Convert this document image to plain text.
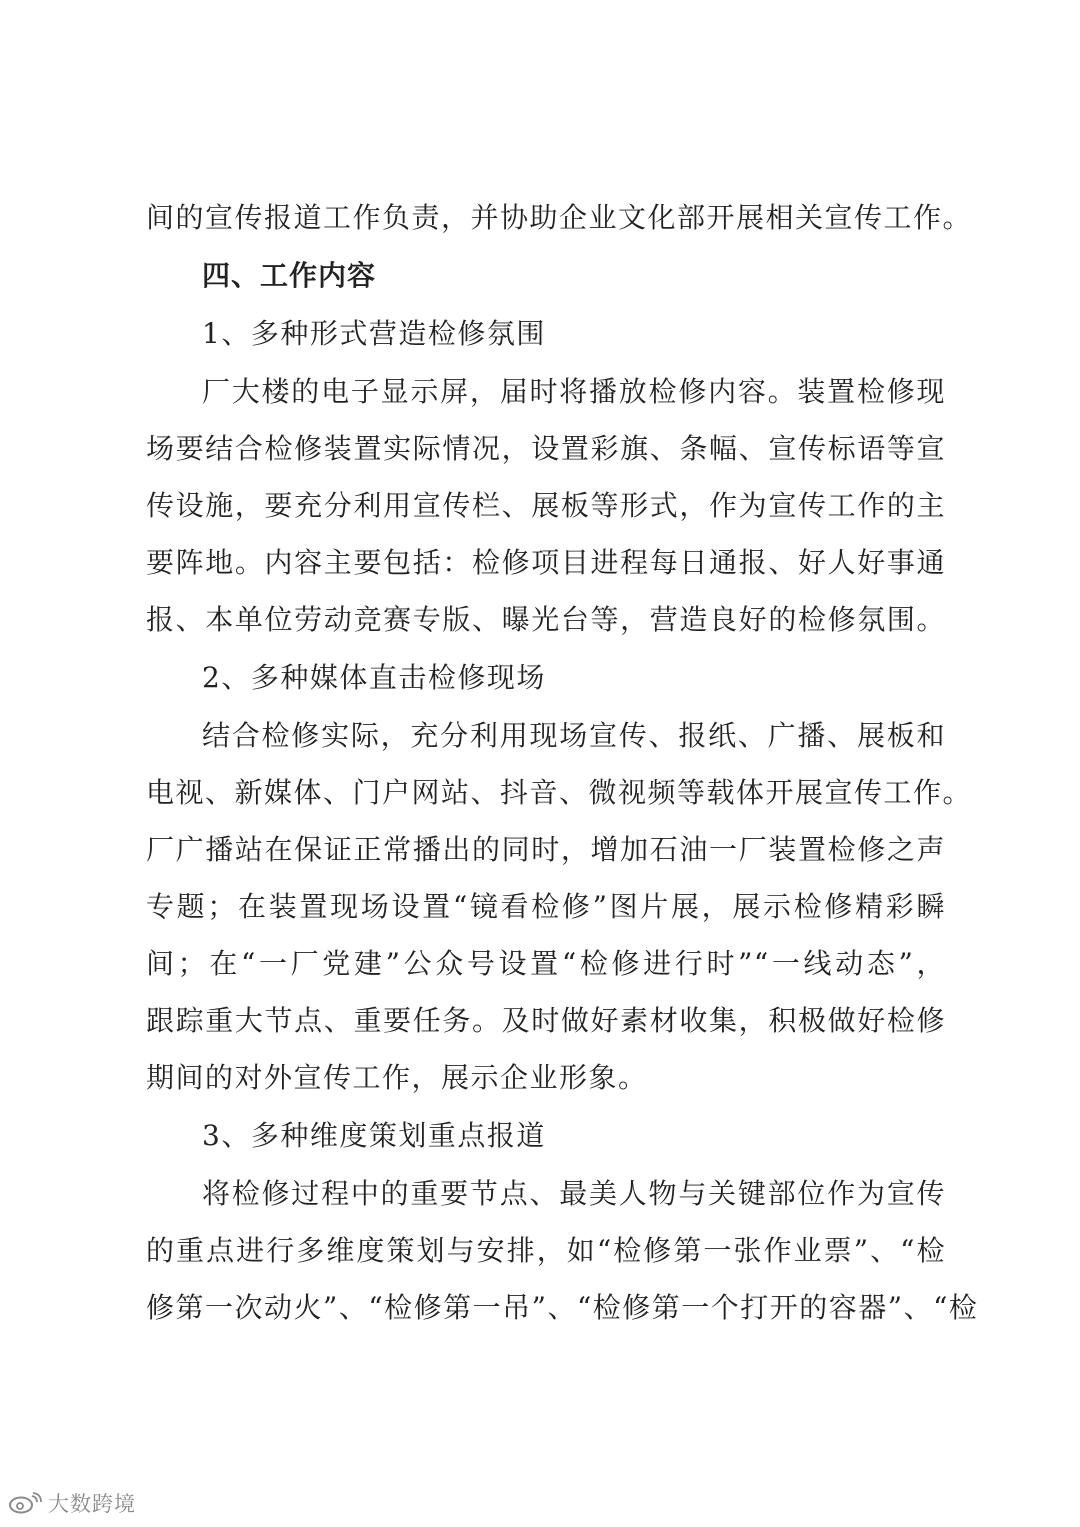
间的宣传报道工作负责，并协助企业文化部开展相关宣传工作。
四、工作内容
1、多种形式营造检修氛围
厂大楼的电子显示屏，届时将播放检修内容。装置检修现
场要结合检修装置实际情况，设置彩旗、条幅、宣传标语等宣
传设施，要充分利用宣传栏、展板等形式，作为宣传工作的主
要阵地。内容主要包括：检修项目进程每日通报、好人好事通
报、本单位劳动竞赛专版、曝光台等，营造良好的检修氛围。
2、多种媒体直击检修现场
结合检修实际，充分利用现场宣传、报纸、广播、展板和
电视、新媒体、门户网站、抖音、微视频等载体开展宣传工作。
厂广播站在保证正常播出的同时，增加石油一厂装置检修之声
专题；在装置现场设置“镜看检修”图片展，展示检修精彩瞬
间；在“一厂党建”公众号设置“检修进行时”“一线动态”，
跟踪重大节点、重要任务。及时做好素材收集，积极做好检修
期间的对外宣传工作，展示企业形象。
3、多种维度策划重点报道
将检修过程中的重要节点、最美人物与关键部位作为宣传
的重点进行多维度策划与安排，如“检修第一张作业票”、“检
修第一次动火”、“检修第一吊”、“检修第一个打开的容器”、“检
大数跨境
